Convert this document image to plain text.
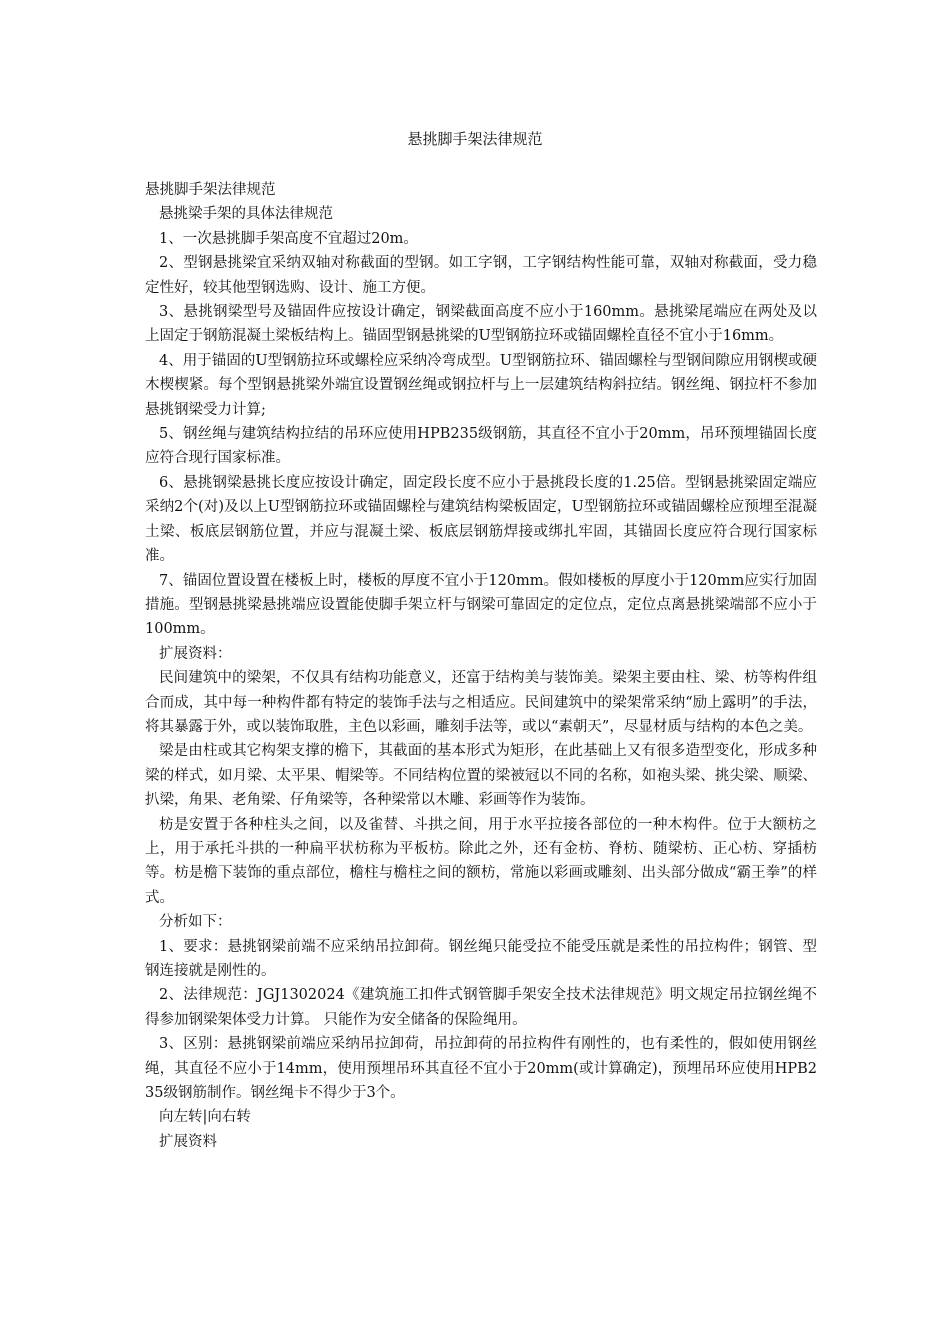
悬挑脚手架法律规范

悬挑脚手架法律规范

悬挑梁手架的具体法律规范

1、一次悬挑脚手架高度不宜超过20m。

2、型钢悬挑梁宜采纳双轴对称截面的型钢。如工字钢，工字钢结构性能可靠，双轴对称截面，受力稳定性好，较其他型钢选购、设计、施工方便。

3、悬挑钢梁型号及锚固件应按设计确定，钢梁截面高度不应小于160mm。悬挑梁尾端应在两处及以上固定于钢筋混凝土梁板结构上。锚固型钢悬挑梁的U型钢筋拉环或锚固螺栓直径不宜小于16mm。

4、用于锚固的U型钢筋拉环或螺栓应采纳冷弯成型。U型钢筋拉环、锚固螺栓与型钢间隙应用钢楔或硬木楔楔紧。每个型钢悬挑梁外端宜设置钢丝绳或钢拉杆与上一层建筑结构斜拉结。钢丝绳、钢拉杆不参加悬挑钢梁受力计算;

5、钢丝绳与建筑结构拉结的吊环应使用HPB235级钢筋，其直径不宜小于20mm，吊环预埋锚固长度应符合现行国家标准。

6、悬挑钢梁悬挑长度应按设计确定，固定段长度不应小于悬挑段长度的1.25倍。型钢悬挑梁固定端应采纳2个(对)及以上U型钢筋拉环或锚固螺栓与建筑结构梁板固定，U型钢筋拉环或锚固螺栓应预埋至混凝土梁、板底层钢筋位置，并应与混凝土梁、板底层钢筋焊接或绑扎牢固，其锚固长度应符合现行国家标准。

7、锚固位置设置在楼板上时，楼板的厚度不宜小于120mm。假如楼板的厚度小于120mm应实行加固措施。型钢悬挑梁悬挑端应设置能使脚手架立杆与钢梁可靠固定的定位点，定位点离悬挑梁端部不应小于100mm。

扩展资料：

民间建筑中的梁架，不仅具有结构功能意义，还富于结构美与装饰美。梁架主要由柱、梁、枋等构件组合而成，其中每一种构件都有特定的装饰手法与之相适应。民间建筑中的梁架常采纳“励上露明”的手法，将其暴露于外，或以装饰取胜，主色以彩画，雕刻手法等，或以“素朝天”，尽显材质与结构的本色之美。

梁是由柱或其它构架支撑的檐下，其截面的基本形式为矩形，在此基础上又有很多造型变化，形成多种梁的样式，如月梁、太平果、帽梁等。不同结构位置的梁被冠以不同的名称，如袍头梁、挑尖梁、顺梁、扒梁，角果、老角梁、仔角梁等，各种梁常以木雕、彩画等作为装饰。

枋是安置于各种柱头之间，以及雀替、斗拱之间，用于水平拉接各部位的一种木构件。位于大额枋之上，用于承托斗拱的一种扁平状枋称为平板枋。除此之外，还有金枋、脊枋、随梁枋、正心枋、穿插枋等。枋是檐下装饰的重点部位，檐柱与檐柱之间的额枋，常施以彩画或雕刻、出头部分做成“霸王拳”的样式。

分析如下：

1、要求：悬挑钢梁前端不应采纳吊拉卸荷。钢丝绳只能受拉不能受压就是柔性的吊拉构件；钢管、型钢连接就是刚性的。

2、法律规范：JGJ1302024《建筑施工扣件式钢管脚手架安全技术法律规范》明文规定吊拉钢丝绳不得参加钢梁架体受力计算。 只能作为安全储备的保险绳用。

3、区别：悬挑钢梁前端应采纳吊拉卸荷，吊拉卸荷的吊拉构件有刚性的，也有柔性的，假如使用钢丝绳，其直径不应小于14mm，使用预埋吊环其直径不宜小于20mm(或计算确定)，预埋吊环应使用HPB235级钢筋制作。钢丝绳卡不得少于3个。

向左转|向右转

扩展资料
